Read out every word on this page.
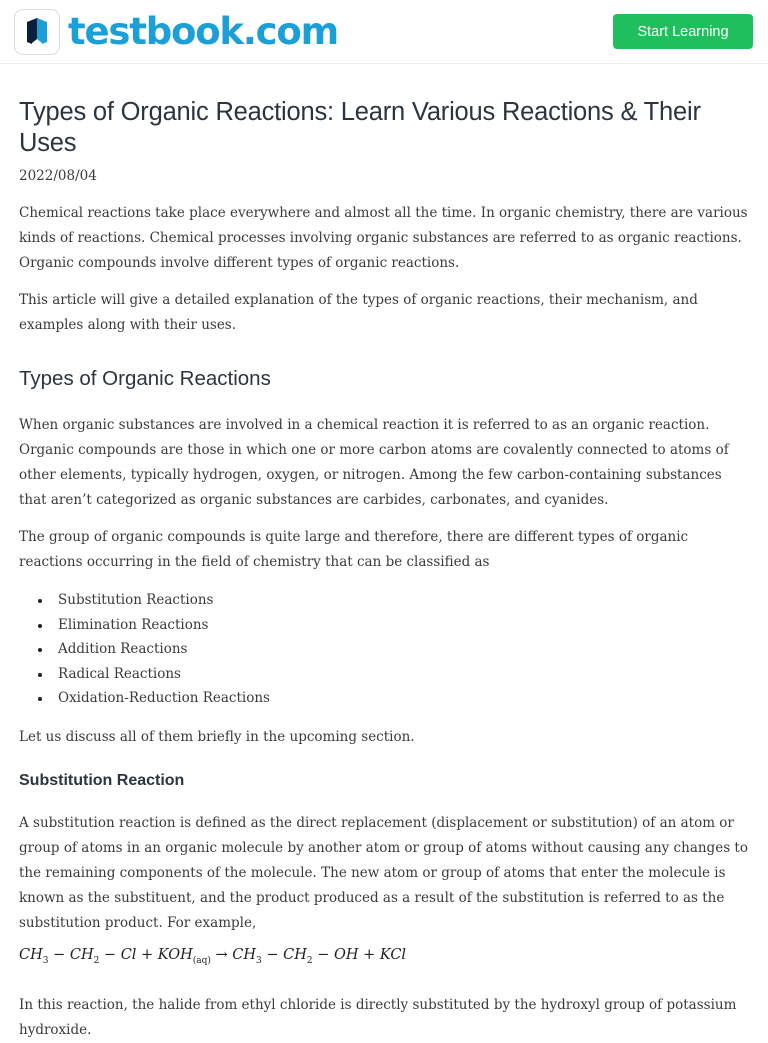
testbook.com	Start Learning
Types of Organic Reactions: Learn Various Reactions & Their Uses
2022/08/04

Chemical reactions take place everywhere and almost all the time. In organic chemistry, there are various kinds of reactions. Chemical processes involving organic substances are referred to as organic reactions. Organic compounds involve different types of organic reactions.

This article will give a detailed explanation of the types of organic reactions, their mechanism, and examples along with their uses.

Types of Organic Reactions

When organic substances are involved in a chemical reaction it is referred to as an organic reaction. Organic compounds are those in which one or more carbon atoms are covalently connected to atoms of other elements, typically hydrogen, oxygen, or nitrogen. Among the few carbon-containing substances that aren’t categorized as organic substances are carbides, carbonates, and cyanides.

The group of organic compounds is quite large and therefore, there are different types of organic reactions occurring in the field of chemistry that can be classified as

Substitution Reactions
Elimination Reactions
Addition Reactions
Radical Reactions
Oxidation-Reduction Reactions

Let us discuss all of them briefly in the upcoming section.

Substitution Reaction

A substitution reaction is defined as the direct replacement (displacement or substitution) of an atom or group of atoms in an organic molecule by another atom or group of atoms without causing any changes to the remaining components of the molecule. The new atom or group of atoms that enter the molecule is known as the substituent, and the product produced as a result of the substitution is referred to as the substitution product. For example,

$CH_3 - CH_2 - Cl + KOH_{(aq)} \to CH_3 - CH_2$ − OH + KCl

In this reaction, the halide from ethyl chloride is directly substituted by the hydroxyl group of potassium hydroxide.
